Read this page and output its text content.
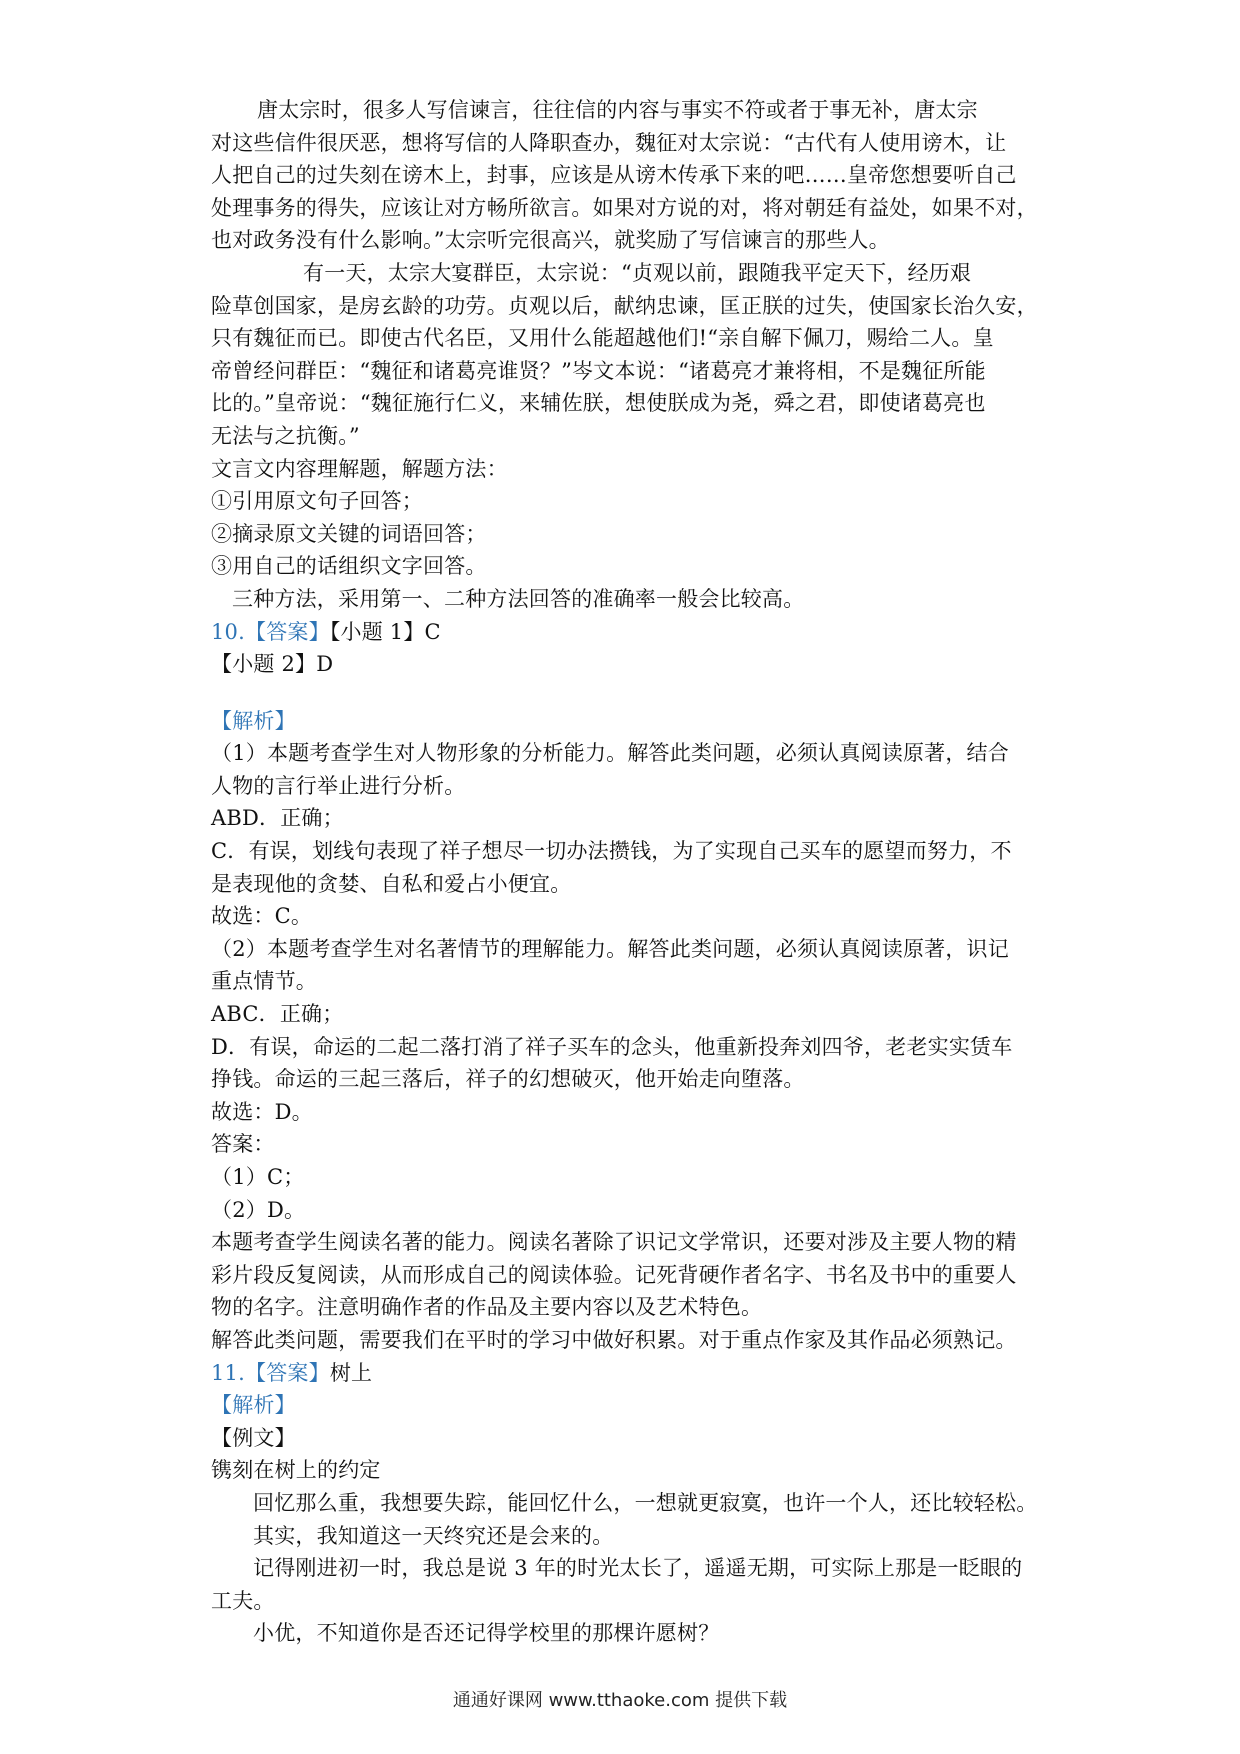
唐太宗时，很多人写信谏言，往往信的内容与事实不符或者于事无补，唐太宗
对这些信件很厌恶，想将写信的人降职查办，魏征对太宗说：“古代有人使用谤木，让
人把自己的过失刻在谤木上，封事，应该是从谤木传承下来的吧……皇帝您想要听自己
处理事务的得失，应该让对方畅所欲言。如果对方说的对，将对朝廷有益处，如果不对，
也对政务没有什么影响。”太宗听完很高兴，就奖励了写信谏言的那些人。
有一天，太宗大宴群臣，太宗说：“贞观以前，跟随我平定天下，经历艰
险草创国家，是房玄龄的功劳。贞观以后，献纳忠谏，匡正朕的过失，使国家长治久安，
只有魏征而已。即使古代名臣，又用什么能超越他们!“亲自解下佩刀，赐给二人。皇
帝曾经问群臣：“魏征和诸葛亮谁贤？”岑文本说：“诸葛亮才兼将相，不是魏征所能
比的。”皇帝说：“魏征施行仁义，来辅佐朕，想使朕成为尧，舜之君，即使诸葛亮也
无法与之抗衡。”
文言文内容理解题，解题方法：
①引用原文句子回答；
②摘录原文关键的词语回答；
③用自己的话组织文字回答。
三种方法，采用第一、二种方法回答的准确率一般会比较高。
10.【答案】【小题 1】C
【小题 2】D
【解析】
（1）本题考查学生对人物形象的分析能力。解答此类问题，必须认真阅读原著，结合
人物的言行举止进行分析。
ABD．正确；
C．有误，划线句表现了祥子想尽一切办法攒钱，为了实现自己买车的愿望而努力，不
是表现他的贪婪、自私和爱占小便宜。
故选：C。
（2）本题考查学生对名著情节的理解能力。解答此类问题，必须认真阅读原著，识记
重点情节。
ABC．正确；
D．有误，命运的二起二落打消了祥子买车的念头，他重新投奔刘四爷，老老实实赁车
挣钱。命运的三起三落后，祥子的幻想破灭，他开始走向堕落。
故选：D。
答案：
（1）C；
（2）D。
本题考查学生阅读名著的能力。阅读名著除了识记文学常识，还要对涉及主要人物的精
彩片段反复阅读，从而形成自己的阅读体验。记死背硬作者名字、书名及书中的重要人
物的名字。注意明确作者的作品及主要内容以及艺术特色。
解答此类问题，需要我们在平时的学习中做好积累。对于重点作家及其作品必须熟记。
11.【答案】树上
【解析】
【例文】
镌刻在树上的约定
回忆那么重，我想要失踪，能回忆什么，一想就更寂寞，也许一个人，还比较轻松。
其实，我知道这一天终究还是会来的。
记得刚进初一时，我总是说 3 年的时光太长了，遥遥无期，可实际上那是一眨眼的
工夫。
小优，不知道你是否还记得学校里的那棵许愿树？
通通好课网 www.tthaoke.com 提供下载
